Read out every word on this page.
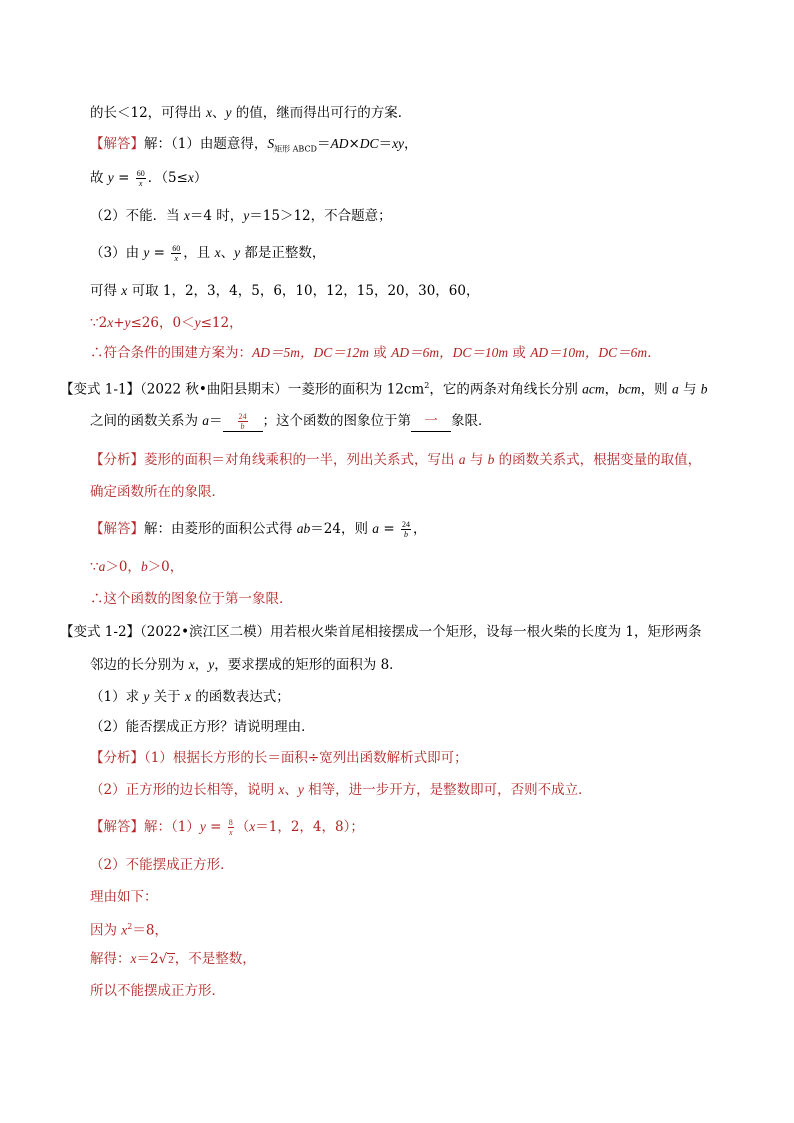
的长＜12，可得出 x、y 的值，继而得出可行的方案．
【解答】解：（1）由题意得，$S_{矩形 ABCD}=AD\times DC=xy$，
故 $y = \frac{60}{x}$ ．（5≤x）
（2）不能．当 x＝4 时，y＝15＞12，不合题意；
（3）由 $y = \frac{60}{x}$ ，且 x、y 都是正整数，
可得 x 可取 1，2，3，4，5，6，10，12，15，20，30，60，
∵2x+y≤26，0＜y≤12，
∴符合条件的围建方案为：AD＝5m，DC＝12m 或 AD＝6m，DC＝10m 或 AD＝10m，DC＝6m．
【变式 1-1】（2022 秋•曲阳县期末）一菱形的面积为 $12cm^2$，它的两条对角线长分别 acm，bcm，则 a 与 b
之间的函数关系为 $a= \frac{24}{b}$ ；这个函数的图象位于第 一 象限．
【分析】菱形的面积＝对角线乘积的一半，列出关系式，写出 a 与 b 的函数关系式，根据变量的取值，
确定函数所在的象限．
【解答】解：由菱形的面积公式得 ab＝24，则 $a = \frac{24}{b}$ ，
∵a＞0，b＞0，
∴这个函数的图象位于第一象限．
【变式 1-2】（2022•滨江区二模）用若根火柴首尾相接摆成一个矩形，设每一根火柴的长度为 1，矩形两条
邻边的长分别为 x，y，要求摆成的矩形的面积为 8．
（1）求 y 关于 x 的函数表达式；
（2）能否摆成正方形？请说明理由．
【分析】（1）根据长方形的长＝面积÷宽列出函数解析式即可；
（2）正方形的边长相等，说明 x、y 相等，进一步开方，是整数即可，否则不成立．
【解答】解：$(1)y = \frac{8}{x} (x=1$，2，4，8）；
（2）不能摆成正方形．
理由如下：
因为 $x^2=8$，
解得：x＝2√2，不是整数，
所以不能摆成正方形．
